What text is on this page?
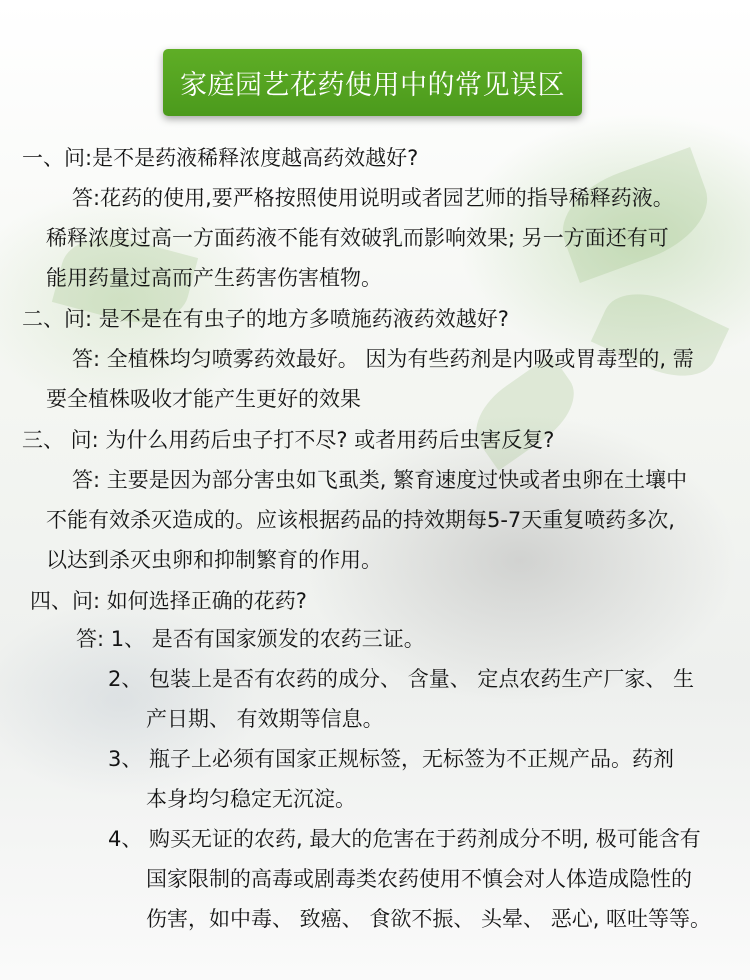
家庭园艺花药使用中的常见误区
一、问:是不是药液稀释浓度越高药效越好?
答:花药的使用,要严格按照使用说明或者园艺师的指导稀释药液。
稀释浓度过高一方面药液不能有效破乳而影响效果; 另一方面还有可
能用药量过高而产生药害伤害植物。
二、问: 是不是在有虫子的地方多喷施药液药效越好?
答: 全植株均匀喷雾药效最好。 因为有些药剂是内吸或胃毒型的, 需
要全植株吸收才能产生更好的效果
三、 问: 为什么用药后虫子打不尽? 或者用药后虫害反复?
答: 主要是因为部分害虫如飞虱类, 繁育速度过快或者虫卵在土壤中
不能有效杀灭造成的。应该根据药品的持效期每5-7天重复喷药多次,
以达到杀灭虫卵和抑制繁育的作用。
四、问: 如何选择正确的花药?
答: 1、 是否有国家颁发的农药三证。
2、 包装上是否有农药的成分、 含量、 定点农药生产厂家、 生
产日期、 有效期等信息。
3、 瓶子上必须有国家正规标签，无标签为不正规产品。药剂
本身均匀稳定无沉淀。
4、 购买无证的农药, 最大的危害在于药剂成分不明, 极可能含有
国家限制的高毒或剧毒类农药使用不慎会对人体造成隐性的
伤害，如中毒、 致癌、 食欲不振、 头晕、 恶心, 呕吐等等。
